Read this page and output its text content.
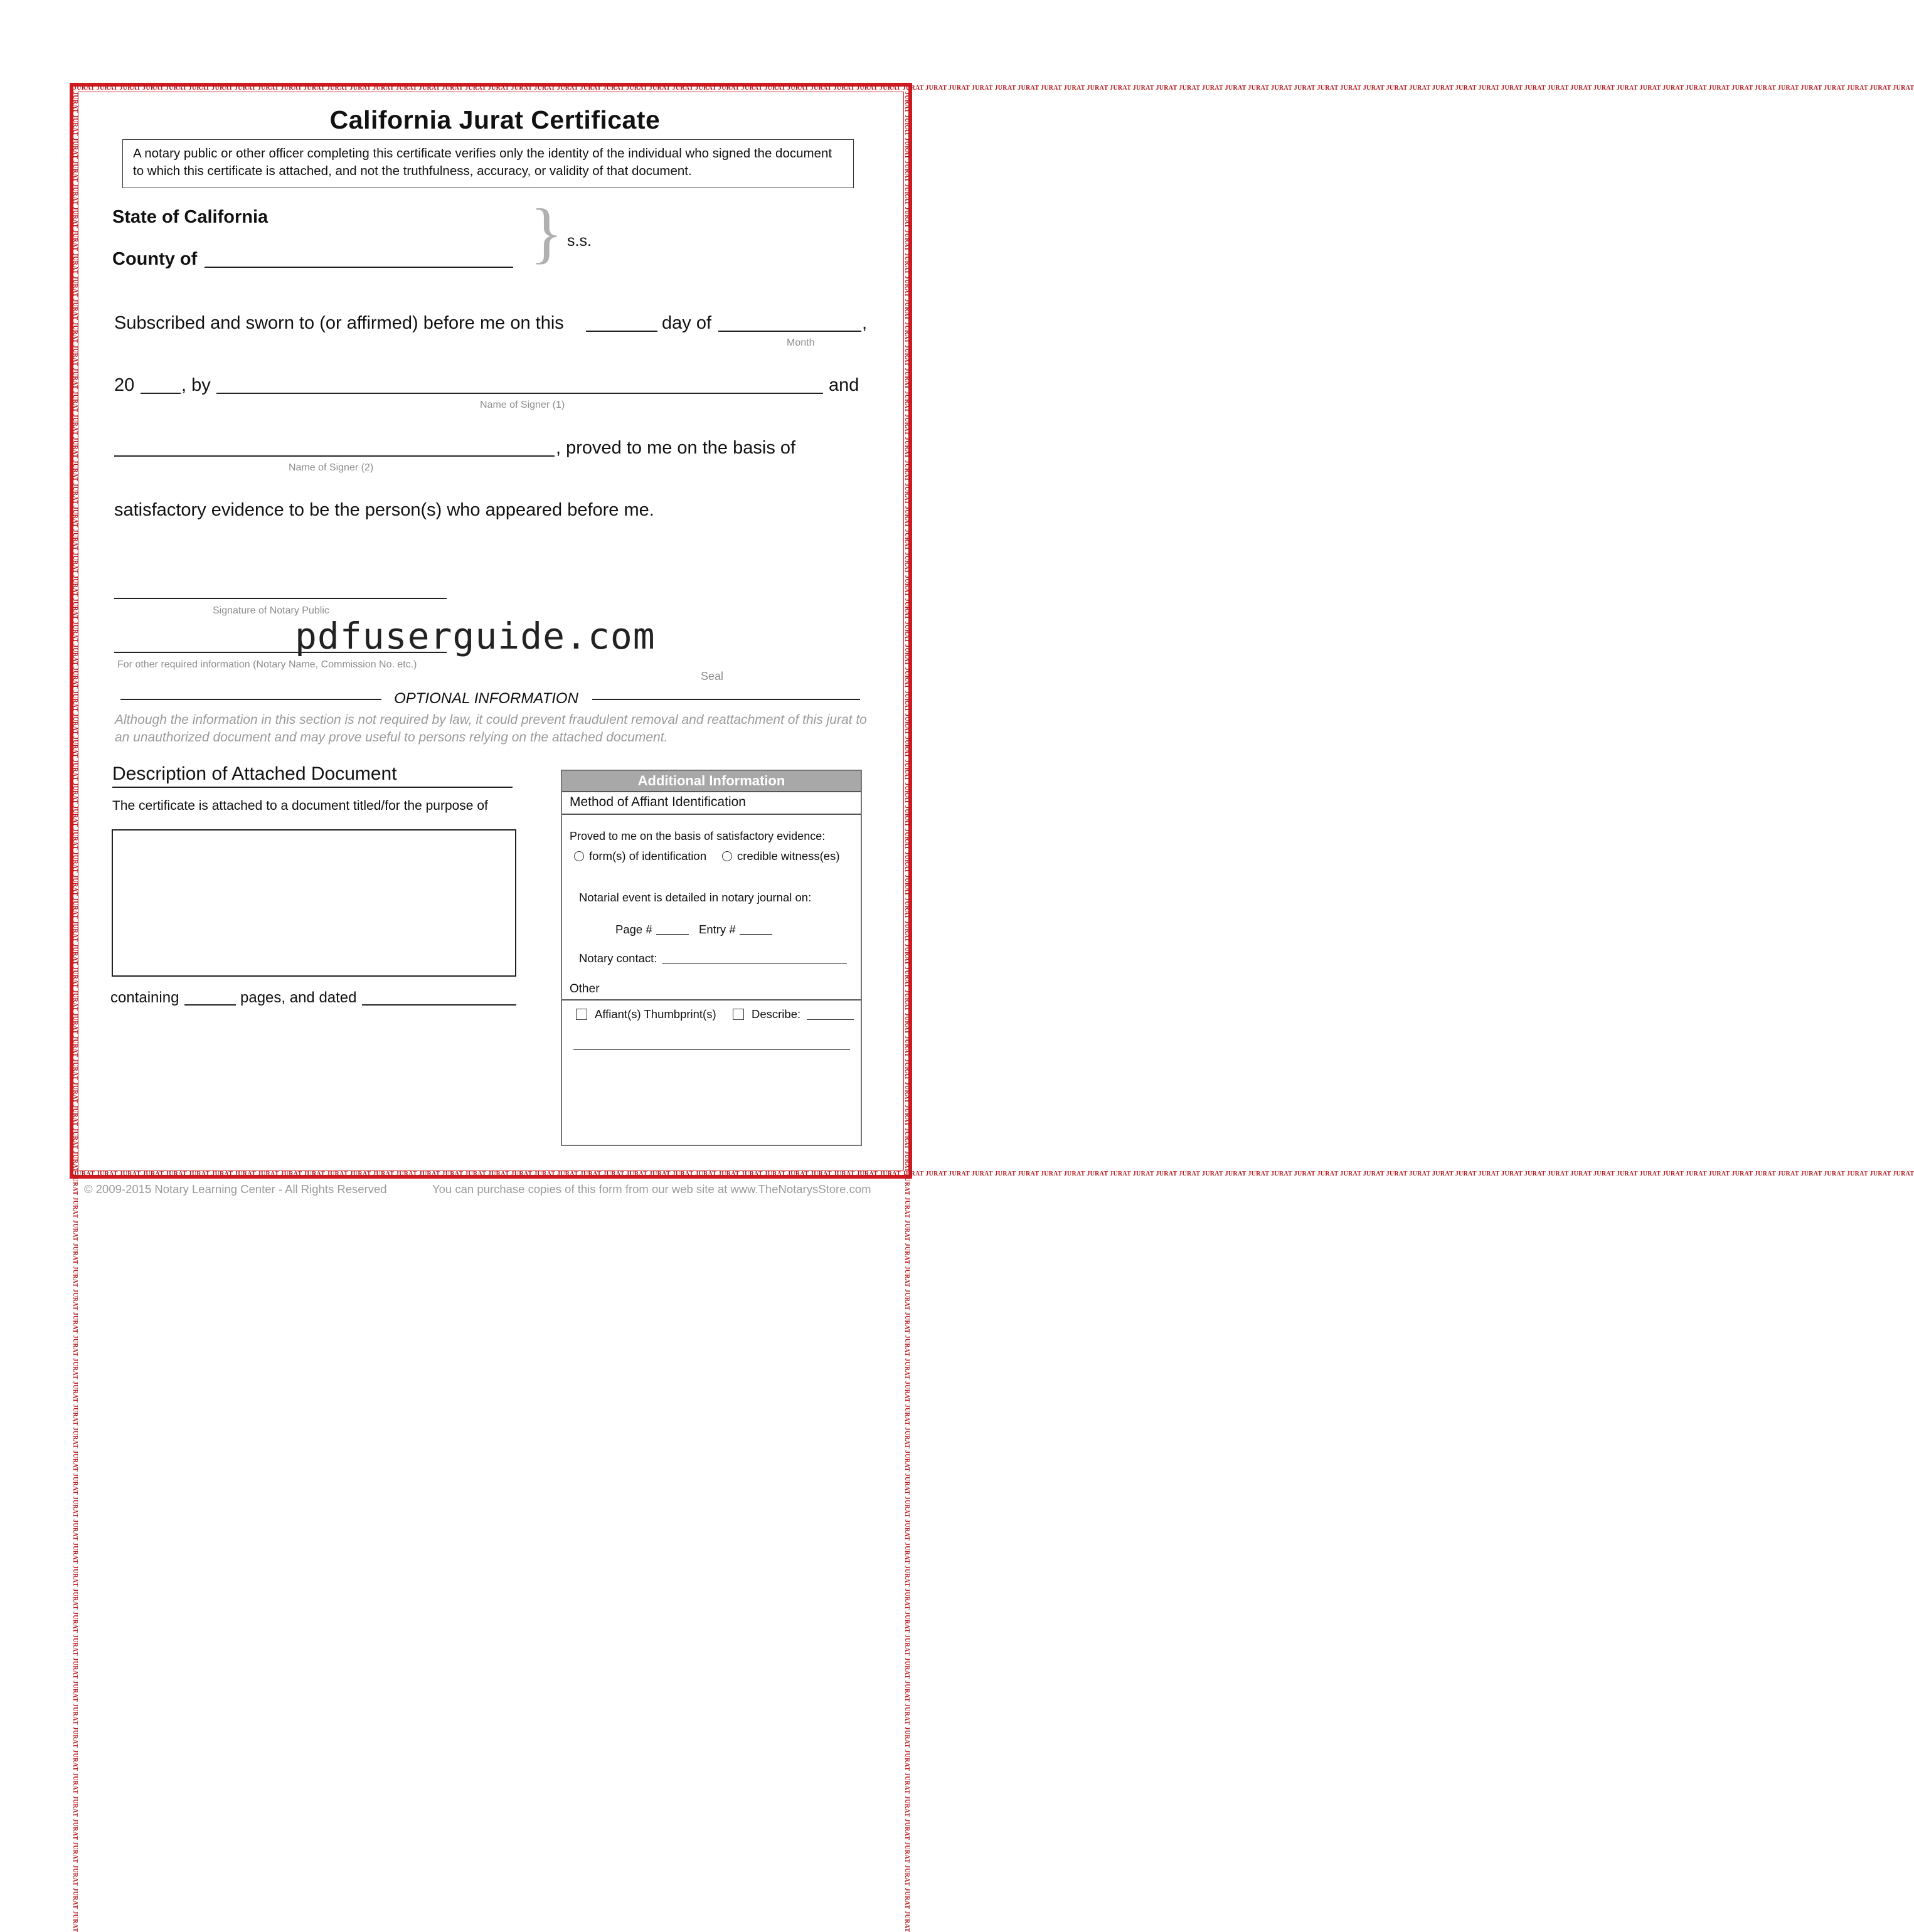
JURAT JURAT JURAT JURAT JURAT JURAT JURAT JURAT JURAT JURAT JURAT JURAT JURAT JURAT JURAT JURAT JURAT JURAT JURAT JURAT JURAT JURAT JURAT JURAT JURAT JURAT JURAT JURAT JURAT JURAT JURAT JURAT JURAT JURAT JURAT JURAT JURAT JURAT JURAT JURAT JURAT JURAT JURAT JURAT JURAT JURAT JURAT JURAT JURAT JURAT JURAT JURAT JURAT JURAT JURAT JURAT JURAT JURAT JURAT JURAT JURAT JURAT JURAT JURAT JURAT JURAT JURAT JURAT JURAT JURAT JURAT JURAT JURAT JURAT JURAT JURAT JURAT JURAT JURAT JURAT
JURAT JURAT JURAT JURAT JURAT JURAT JURAT JURAT JURAT JURAT JURAT JURAT JURAT JURAT JURAT JURAT JURAT JURAT JURAT JURAT JURAT JURAT JURAT JURAT JURAT JURAT JURAT JURAT JURAT JURAT JURAT JURAT JURAT JURAT JURAT JURAT JURAT JURAT JURAT JURAT JURAT JURAT JURAT JURAT JURAT JURAT JURAT JURAT JURAT JURAT JURAT JURAT JURAT JURAT JURAT JURAT JURAT JURAT JURAT JURAT JURAT JURAT JURAT JURAT JURAT JURAT JURAT JURAT JURAT JURAT JURAT JURAT JURAT JURAT JURAT JURAT JURAT JURAT JURAT JURAT
JURAT JURAT JURAT JURAT JURAT JURAT JURAT JURAT JURAT JURAT JURAT JURAT JURAT JURAT JURAT JURAT JURAT JURAT JURAT JURAT JURAT JURAT JURAT JURAT JURAT JURAT JURAT JURAT JURAT JURAT JURAT JURAT JURAT JURAT JURAT JURAT JURAT JURAT JURAT JURAT JURAT JURAT JURAT JURAT JURAT JURAT JURAT JURAT JURAT JURAT JURAT JURAT JURAT JURAT JURAT JURAT JURAT JURAT JURAT JURAT JURAT JURAT JURAT JURAT JURAT JURAT JURAT JURAT JURAT JURAT JURAT JURAT JURAT JURAT JURAT JURAT JURAT JURAT JURAT JURAT	JURAT JURAT JURAT JURAT JURAT JURAT JURAT JURAT JURAT JURAT JURAT JURAT JURAT JURAT JURAT JURAT JURAT JURAT JURAT JURAT JURAT JURAT JURAT JURAT JURAT JURAT JURAT JURAT JURAT JURAT JURAT JURAT JURAT JURAT JURAT JURAT JURAT JURAT JURAT JURAT JURAT JURAT JURAT JURAT JURAT JURAT JURAT JURAT JURAT JURAT JURAT JURAT JURAT JURAT JURAT JURAT JURAT JURAT JURAT JURAT JURAT JURAT JURAT JURAT JURAT JURAT JURAT JURAT JURAT JURAT JURAT JURAT JURAT JURAT JURAT JURAT JURAT JURAT JURAT JURAT
California Jurat Certificate
A notary public or other officer completing this certificate verifies only the identity of the individual who signed the document to which this certificate is attached, and not the truthfulness, accuracy, or validity of that document.
State of California
County of	} s.s.
Subscribed and sworn to (or affirmed) before me on this	day of	,
Month
20	, by	and
Name of Signer (1)
, proved to me on the basis of
Name of Signer (2)
satisfactory evidence to be the person(s) who appeared before me.
Signature of Notary Public
For other required information (Notary Name, Commission No. etc.)
Seal
pdfuserguide.com
OPTIONAL INFORMATION
Although the information in this section is not required by law, it could prevent fraudulent removal and reattachment of this jurat to an unauthorized document and may prove useful to persons relying on the attached document.
Description of Attached Document
The certificate is attached to a document titled/for the purpose of
containing	pages, and dated
Additional Information
Method of Affiant Identification
Proved to me on the basis of satisfactory evidence:
form(s) of identification	credible witness(es)
Notarial event is detailed in notary journal on:
Page #	Entry #
Notary contact:
Other
Affiant(s) Thumbprint(s)	Describe:
© 2009-2015 Notary Learning Center - All Rights Reserved	You can purchase copies of this form from our web site at www.TheNotarysStore.com
